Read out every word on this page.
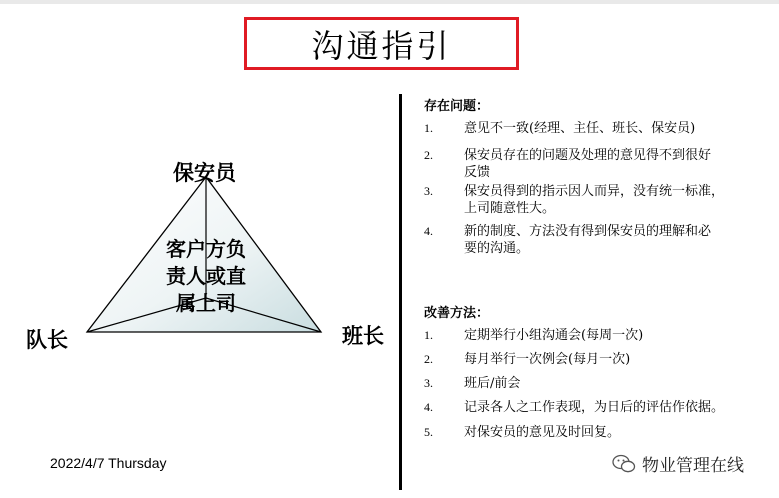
沟通指引
保安员
队长	班长
客户方负
责人或直
属上司
2022/4/7 Thursday
存在问题：
1. 意见不一致(经理、主任、班长、保安员)
2. 保安员存在的问题及处理的意见得不到很好
反馈
3. 保安员得到的指示因人而异，没有统一标准，
上司随意性大。
4. 新的制度、方法没有得到保安员的理解和必
要的沟通。
改善方法：
1. 定期举行小组沟通会(每周一次)
2. 每月举行一次例会(每月一次)
3. 班后/前会
4. 记录各人之工作表现，为日后的评估作依据。
5. 对保安员的意见及时回复。
物业管理在线
